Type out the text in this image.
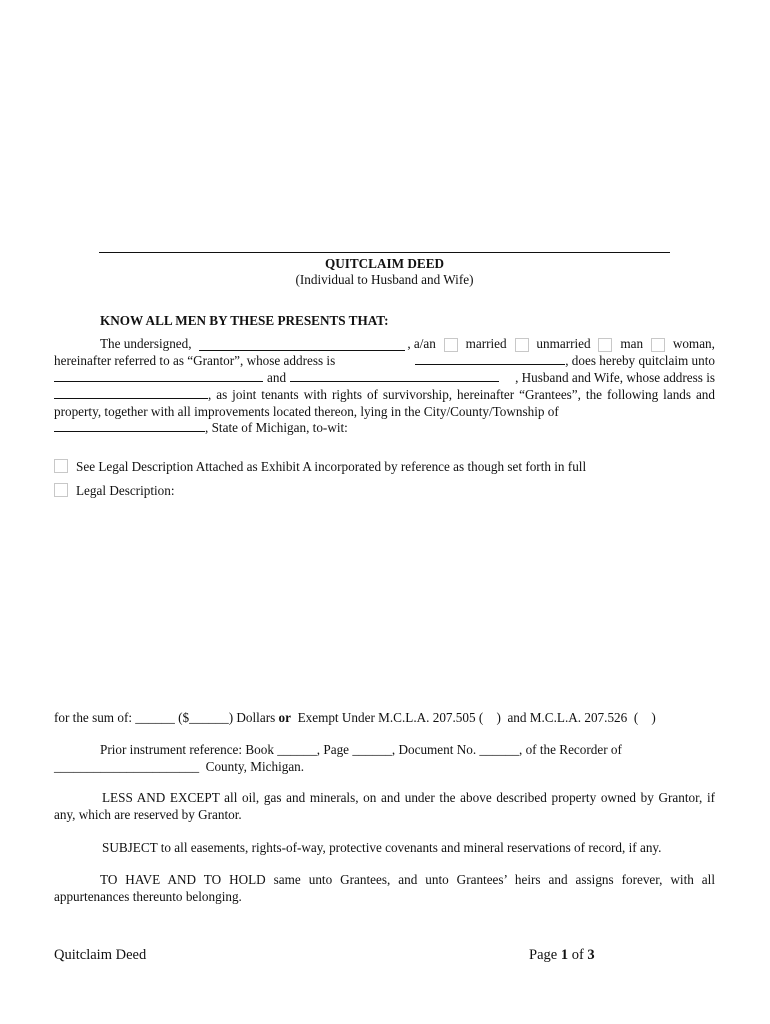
QUITCLAIM DEED
(Individual to Husband and Wife)
KNOW ALL MEN BY THESE PRESENTS THAT:
The undersigned,	, a/an married unmarried man woman,
hereinafter referred to as “Grantor”, whose address is	, does hereby quitclaim unto
and	, Husband and Wife, whose address is
, as joint tenants with rights of survivorship, hereinafter “Grantees”, the following lands and property, together with all improvements located thereon, lying in the City/County/Township of
, State of Michigan, to-wit:
See Legal Description Attached as Exhibit A incorporated by reference as though set forth in full
Legal Description:
for the sum of: ______ ($______) Dollars or Exempt Under M.C.L.A. 207.505 (    )  and M.C.L.A. 207.526  (    )
Prior instrument reference: Book ______, Page ______, Document No. ______, of the Recorder of
______________________  County, Michigan.
LESS AND EXCEPT all oil, gas and minerals, on and under the above described property owned by Grantor, if any, which are reserved by Grantor.
SUBJECT to all easements, rights-of-way, protective covenants and mineral reservations of record, if any.
TO HAVE AND TO HOLD same unto Grantees, and unto Grantees’ heirs and assigns forever, with all appurtenances thereunto belonging.
Quitclaim Deed	Page 1 of 3
